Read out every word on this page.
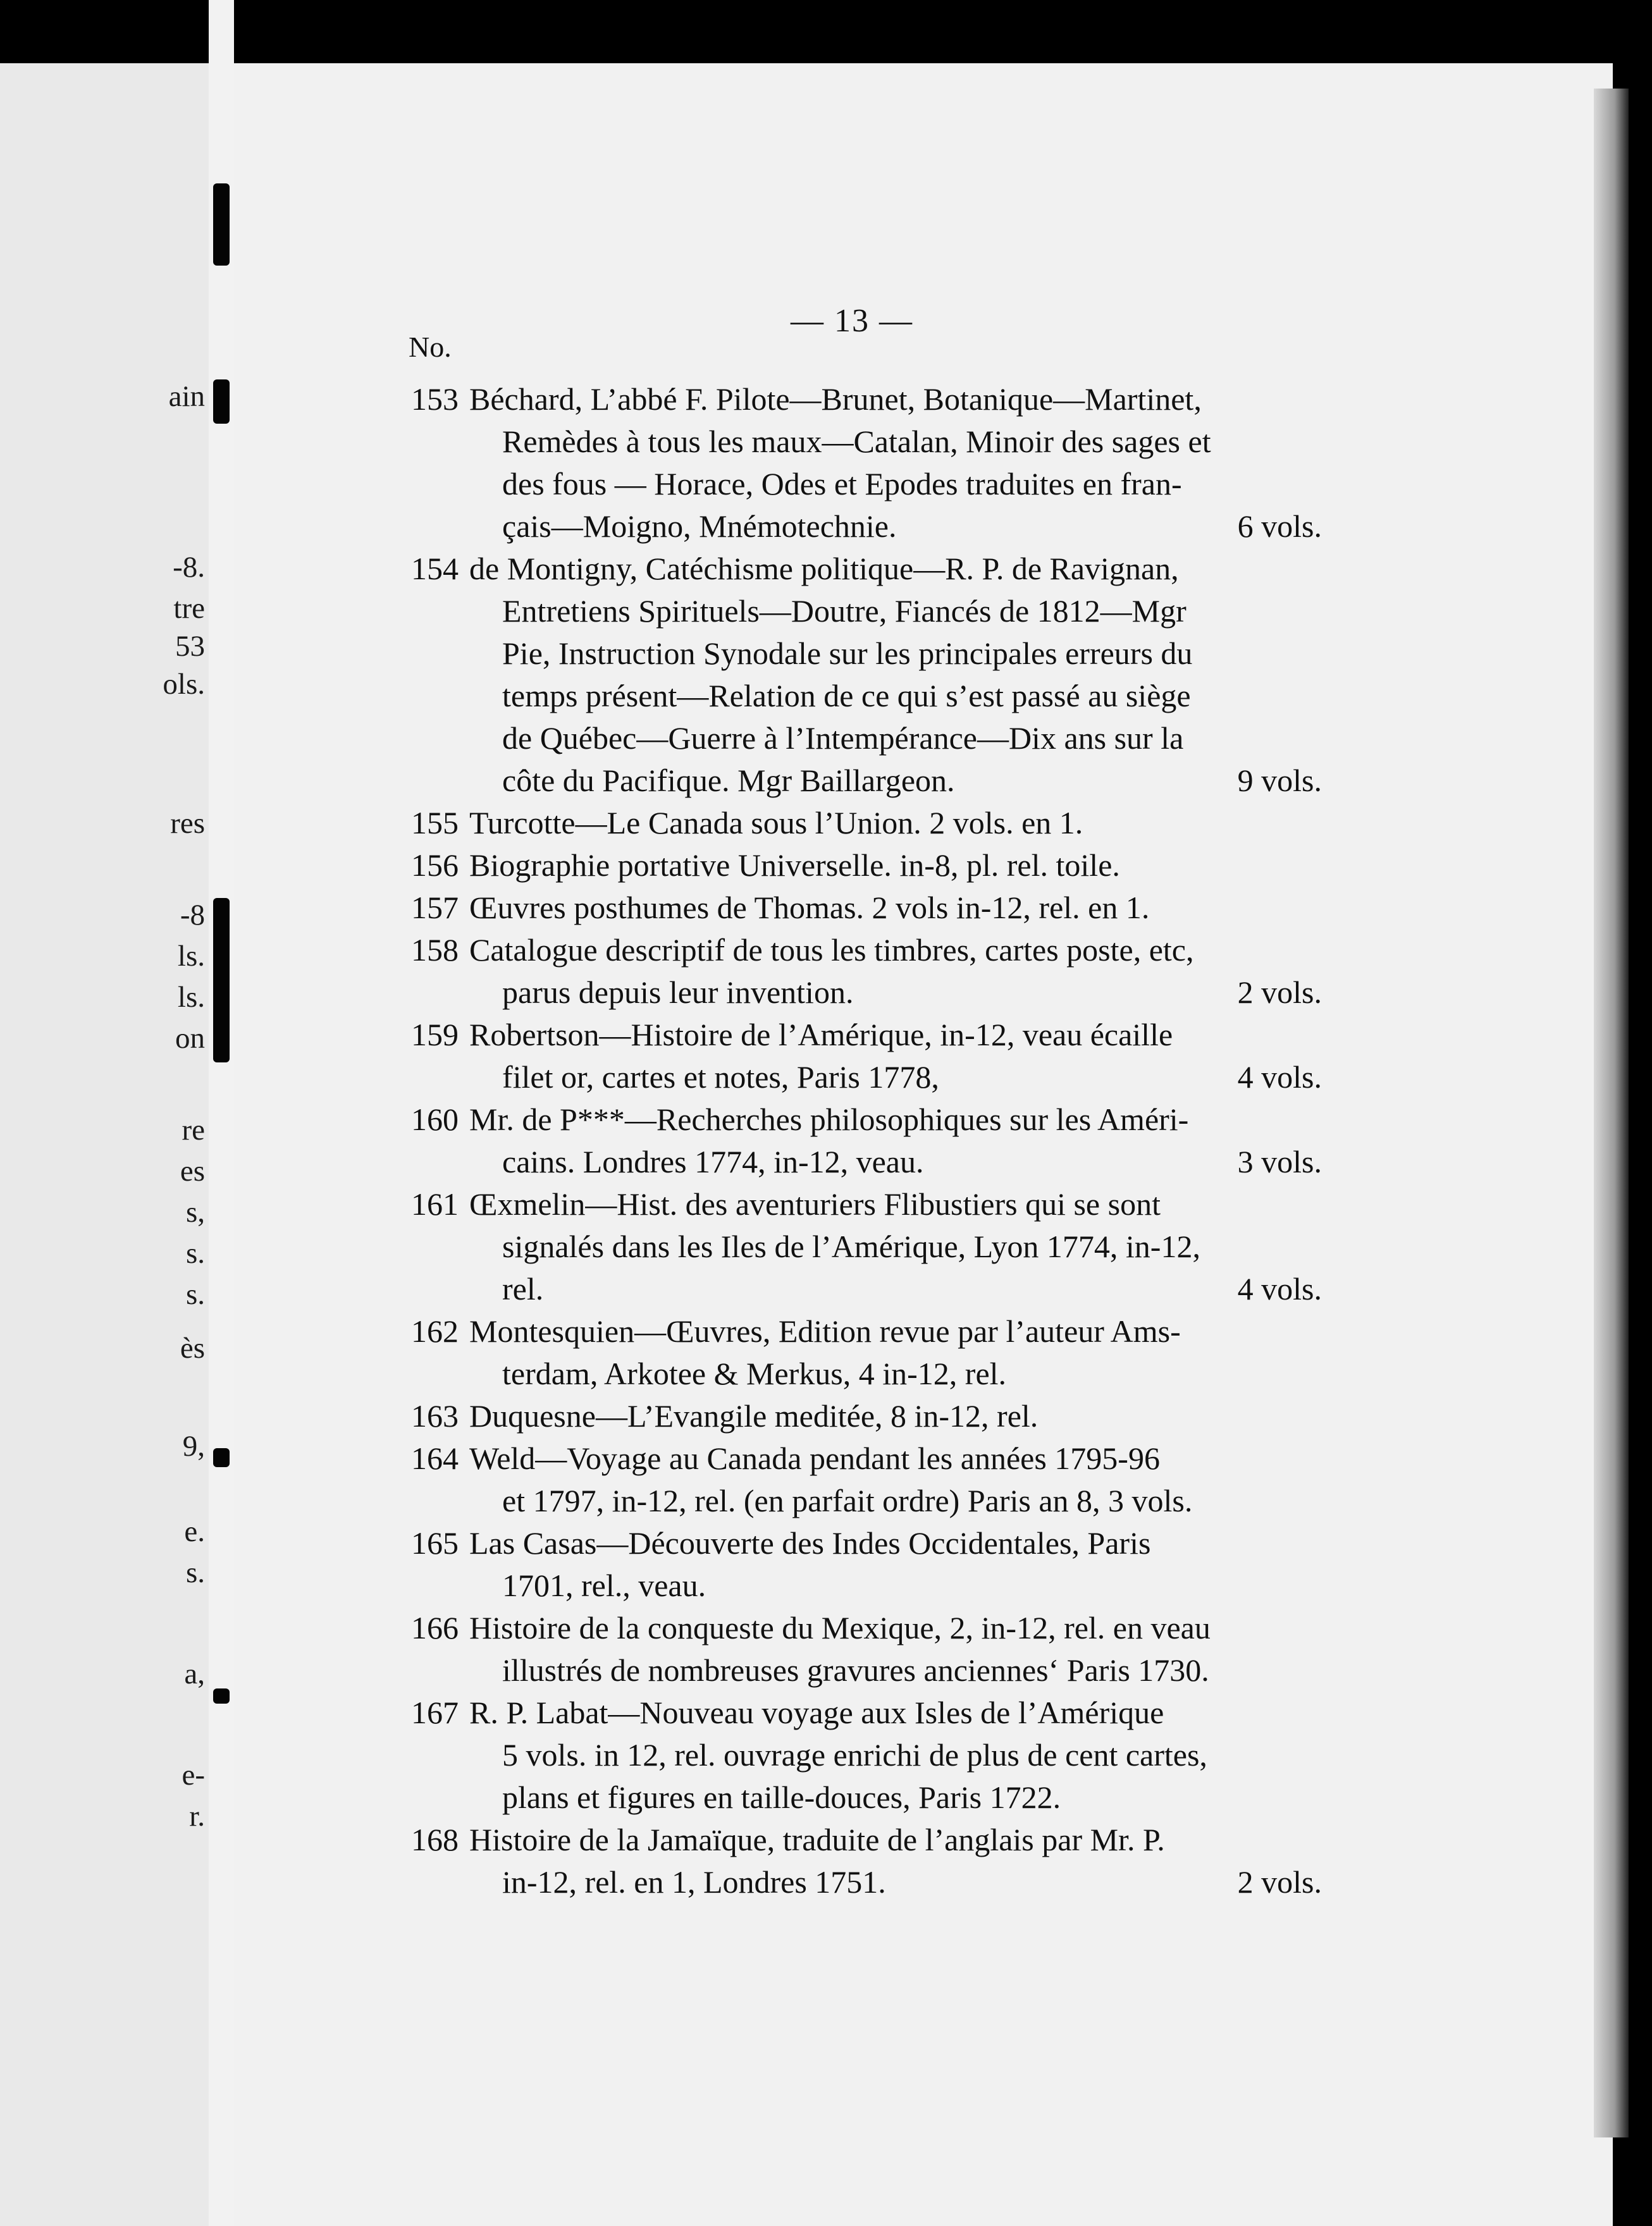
ain
-8.
tre
53
ols.
res
-8
ls.
ls.
on
re
es
s,
s.
s.
ès
9,
e.
s.
a,
e-
r.
— 13 —
No.
153 Béchard, L’abbé F. Pilote—Brunet, Botanique—Martinet,
Remèdes à tous les maux—Catalan, Minoir des sages et
des fous — Horace, Odes et Epodes traduites en fran-
çais—Moigno, Mnémotechnie.	6 vols.
154 de Montigny, Catéchisme politique—R. P. de Ravignan,
Entretiens Spirituels—Doutre, Fiancés de 1812—Mgr
Pie, Instruction Synodale sur les principales erreurs du
temps présent—Relation de ce qui s’est passé au siège
de Québec—Guerre à l’Intempérance—Dix ans sur la
côte du Pacifique. Mgr Baillargeon.	9 vols.
155 Turcotte—Le Canada sous l’Union. 2 vols. en 1.
156 Biographie portative Universelle. in-8, pl. rel. toile.
157 Œuvres posthumes de Thomas. 2 vols in-12, rel. en 1.
158 Catalogue descriptif de tous les timbres, cartes poste, etc,
parus depuis leur invention.	2 vols.
159 Robertson—Histoire de l’Amérique, in-12, veau écaille
filet or, cartes et notes, Paris 1778,	4 vols.
160 Mr. de P***—Recherches philosophiques sur les Améri-
cains. Londres 1774, in-12, veau.	3 vols.
161 Œxmelin—Hist. des aventuriers Flibustiers qui se sont
signalés dans les Iles de l’Amérique, Lyon 1774, in-12,
rel.	4 vols.
162 Montesquien—Œuvres, Edition revue par l’auteur Ams-
terdam, Arkotee & Merkus, 4 in-12, rel.
163 Duquesne—L’Evangile meditée, 8 in-12, rel.
164 Weld—Voyage au Canada pendant les années 1795-96
et 1797, in-12, rel. (en parfait ordre) Paris an 8, 3 vols.
165 Las Casas—Découverte des Indes Occidentales, Paris
1701, rel., veau.
166 Histoire de la conqueste du Mexique, 2, in-12, rel. en veau
illustrés de nombreuses gravures anciennes‘ Paris 1730.
167 R. P. Labat—Nouveau voyage aux Isles de l’Amérique
5 vols. in 12, rel. ouvrage enrichi de plus de cent cartes,
plans et figures en taille-douces, Paris 1722.
168 Histoire de la Jamaïque, traduite de l’anglais par Mr. P.
in-12, rel. en 1, Londres 1751.	2 vols.
